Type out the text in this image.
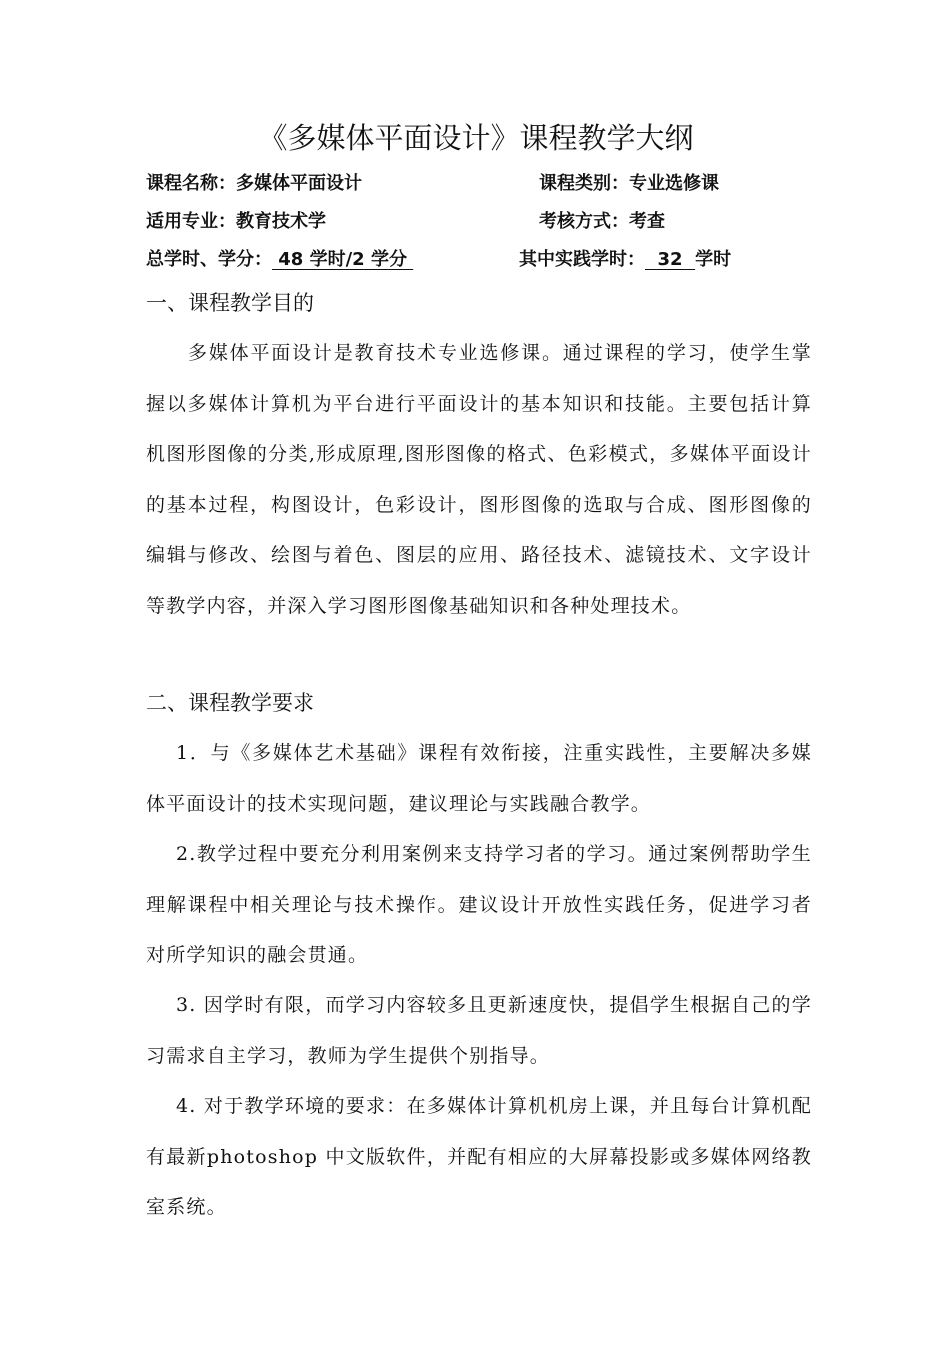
《多媒体平面设计》课程教学大纲
课程名称：多媒体平面设计	课程类别：专业选修课
适用专业：教育技术学	考核方式：考查
总学时、学分： 48 学时/2 学分	其中实践学时：  32  学时
一、课程教学目的

多媒体平面设计是教育技术专业选修课。通过课程的学习，使学生掌握以多媒体计算机为平台进行平面设计的基本知识和技能。主要包括计算机图形图像的分类,形成原理,图形图像的格式、色彩模式，多媒体平面设计的基本过程，构图设计，色彩设计，图形图像的选取与合成、图形图像的编辑与修改、绘图与着色、图层的应用、路径技术、滤镜技术、文字设计等教学内容，并深入学习图形图像基础知识和各种处理技术。

二、课程教学要求

1．与《多媒体艺术基础》课程有效衔接，注重实践性，主要解决多媒体平面设计的技术实现问题，建议理论与实践融合教学。

2.教学过程中要充分利用案例来支持学习者的学习。通过案例帮助学生理解课程中相关理论与技术操作。建议设计开放性实践任务，促进学习者对所学知识的融会贯通。

3. 因学时有限，而学习内容较多且更新速度快，提倡学生根据自己的学习需求自主学习，教师为学生提供个别指导。

4. 对于教学环境的要求：在多媒体计算机机房上课，并且每台计算机配有最新photoshop 中文版软件，并配有相应的大屏幕投影或多媒体网络教室系统。
